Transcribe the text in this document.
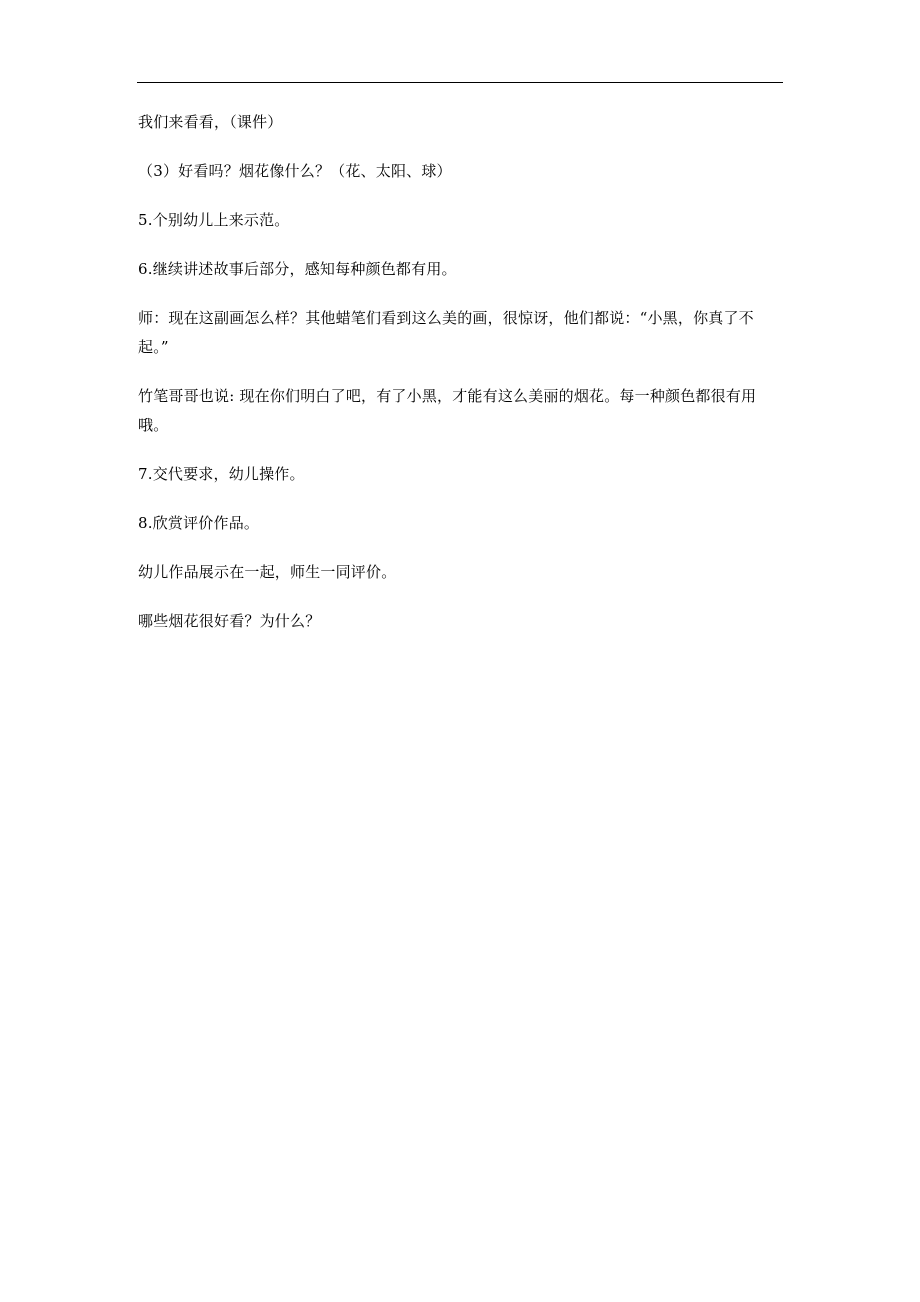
我们来看看，（课件）

（3）好看吗？烟花像什么？（花、太阳、球）

5.个别幼儿上来示范。

6.继续讲述故事后部分，感知每种颜色都有用。

师：现在这副画怎么样？其他蜡笔们看到这么美的画，很惊讶，他们都说：“小黑，你真了不起。”

竹笔哥哥也说: 现在你们明白了吧，有了小黑，才能有这么美丽的烟花。每一种颜色都很有用哦。

7.交代要求，幼儿操作。

8.欣赏评价作品。

幼儿作品展示在一起，师生一同评价。

哪些烟花很好看？为什么？
